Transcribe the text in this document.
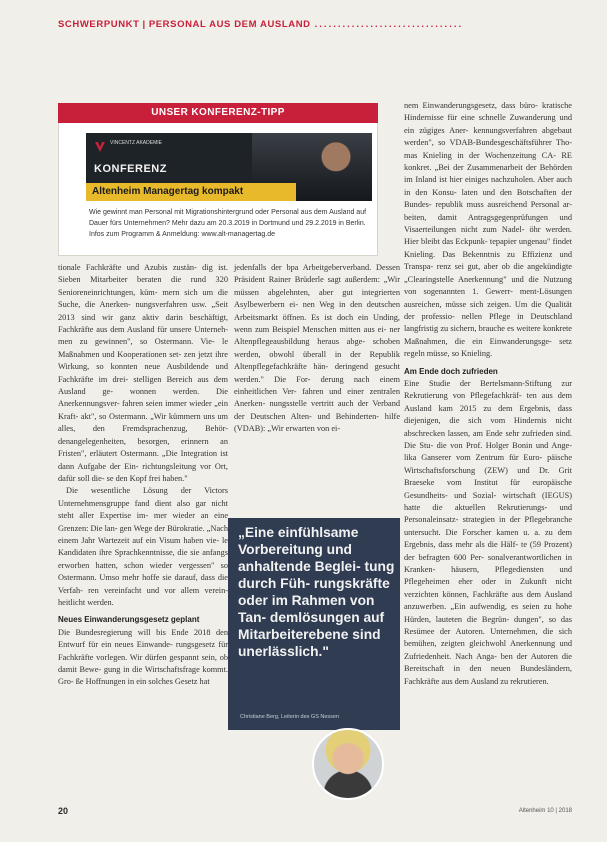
SCHWERPUNKT | PERSONAL AUS DEM AUSLAND ................................
UNSER KONFERENZ-TIPP
VINCENTZ AKADEMIE
KONFERENZ
Altenheim Managertag kompakt
Wie gewinnt man Personal mit Migrationshintergrund oder Personal aus dem Ausland auf Dauer fürs Unternehmen? Mehr dazu am 20.3.2019 in Dortmund und 29.2.2019 in Berlin. Infos zum Programm & Anmeldung: www.alt-managertag.de

tionale Fachkräfte und Azubis zustän- dig ist. Sieben Mitarbeiter beraten die rund 320 Senioreneinrichtungen, küm- mern sich um die Suche, die Anerken- nungsverfahren usw. „Seit 2013 sind wir ganz aktiv darin beschäftigt, Fachkräfte aus dem Ausland für unsere Unterneh- men zu gewinnen", so Ostermann. Vie- le Maßnahmen und Kooperationen set- zen jetzt ihre Wirkung, so konnten neue Ausbildende und Fachkräfte im drei- stelligen Bereich aus dem Ausland ge- wonnen werden. Die Anerkennungsver- fahren seien immer wieder „ein Kraft- akt", so Ostermann. „Wir kümmern uns um alles, den Fremdsprachenzug, Behör- denangelegenheiten, besorgen, erinnern an Fristen", erläutert Ostermann. „Die Integration ist dann Aufgabe der Ein- richtungsleitung vor Ort, dafür soll die- se den Kopf frei haben."

Die wesentliche Lösung der Victors Unternehmensgruppe fand dient also gar nicht steht aller Expertise im- mer wieder an eine Grenzen: Die lan- gen Wege der Bürokratie. „Nach einem Jahr Wartezeit auf ein Visum haben vie- le Kandidaten ihre Sprachkenntnisse, die sie anfangs erworben hatten, schon wieder vergessen" so Ostermann. Umso mehr hoffe sie darauf, dass die Verfah- ren vereinfacht und vor allem verein- heitlicht werden.

Neues Einwanderungsgesetz geplant

Die Bundesregierung will bis Ende 2018 den Entwurf für ein neues Einwande- rungsgesetz für Fachkräfte vorlegen. Wir dürfen gespannt sein, ob damit Bewe- gung in die Wirtschaftsfrage kommt. Gro- ße Hoffnungen in ein solches Gesetz hat

jedenfalls der bpa Arbeitgeberverband. Dessen Präsident Rainer Brüderle sagt außerdem: „Wir müssen abgelehnten, aber gut integrierten Asylbewerbern ei- nen Weg in den deutschen Arbeitsmarkt öffnen. Es ist doch ein Unding, wenn zum Beispiel Menschen mitten aus ei- ner Altenpflegeausbildung heraus abge- schoben werden, obwohl überall in der Republik Altenpflegefachkräfte hän- deringend gesucht werden." Die For- derung nach einem einheitlichen Ver- fahren und einer zentralen Anerken- nungsstelle vertritt auch der Verband der Deutschen Alten- und Behinderten- hilfe (VDAB): „Wir erwarten von ei-

nem Einwanderungsgesetz, dass büro- kratische Hindernisse für eine schnelle Zuwanderung und ein zügiges Aner- kennungsverfahren abgebaut werden", so VDAB-Bundesgeschäftsführer Tho- mas Knieling in der Wochenzeitung CA- RE konkret. „Bei der Zusammenarbeit der Behörden im Inland ist hier einiges nachzuholen. Aber auch in den Konsu- laten und den Botschaften der Bundes- republik muss ausreichend Personal ar- beiten, damit Antragsgegenprüfungen und Visaerteilungen nicht zum Nadel- öhr werden. Hier bleibt das Eckpunk- tepapier ungenau" findet Knieling. Das Bekenntnis zu Effizienz und Transpa- renz sei gut, aber ob die angekündigte „Clearingstelle Anerkennung" und die Nutzung von sogenannten 1. Gewerr- ment-Lösungen ausreichen, müsse sich zeigen. Um die Qualität der professio- nellen Pflege in Deutschland langfristig zu sichern, brauche es weitere konkrete Maßnahmen, die ein Einwanderungsge- setz regeln müsse, so Knieling.

Am Ende doch zufrieden

Eine Studie der Bertelsmann-Stiftung zur Rekrutierung von Pflegefachkräf- ten aus dem Ausland kam 2015 zu dem Ergebnis, dass diejenigen, die sich vom Hindernis nicht abschrecken lassen, am Ende sehr zufrieden sind. Die Stu- die von Prof. Holger Bonin und Ange- lika Ganserer vom Zentrum für Euro- päische Wirtschaftsforschung (ZEW) und Dr. Grit Braeseke vom Institut für europäische Gesundheits- und Sozial- wirtschaft (IEGUS) hatte die aktuellen Rekrutierungs- und Personaleinsatz- strategien in der Pflegebranche untersucht. Die Forscher kamen u. a. zu dem Ergebnis, dass mehr als die Hälf- te (59 Prozent) der befragten 600 Per- sonalverantwortlichen in Kranken- häusern, Pflegediensten und Pflegeheimen eher oder in Zukunft nicht verzichten können, Fachkräfte aus dem Ausland anzuwerben. „Ein aufwendig, es seien zu hohe Hürden, lauteten die Begrün- dungen", so das Resümee der Autoren. Unternehmen, die sich bemühen, zeigten gleichwohl Anerkennung und Zufriedenheit. Nach Anga- ben der Autoren die Bereitschaft in den neuen Bundesländern, Fachkräfte aus dem Ausland zu rekrutieren.

„Eine einfühlsame Vorbereitung und anhaltende Beglei- tung durch Füh- rungskräfte oder im Rahmen von Tan- demlösungen auf Mitarbeiterebene sind unerlässlich."
Christiane Berg, Leiterin des GS Nessen
20	Altenheim 10 | 2018
